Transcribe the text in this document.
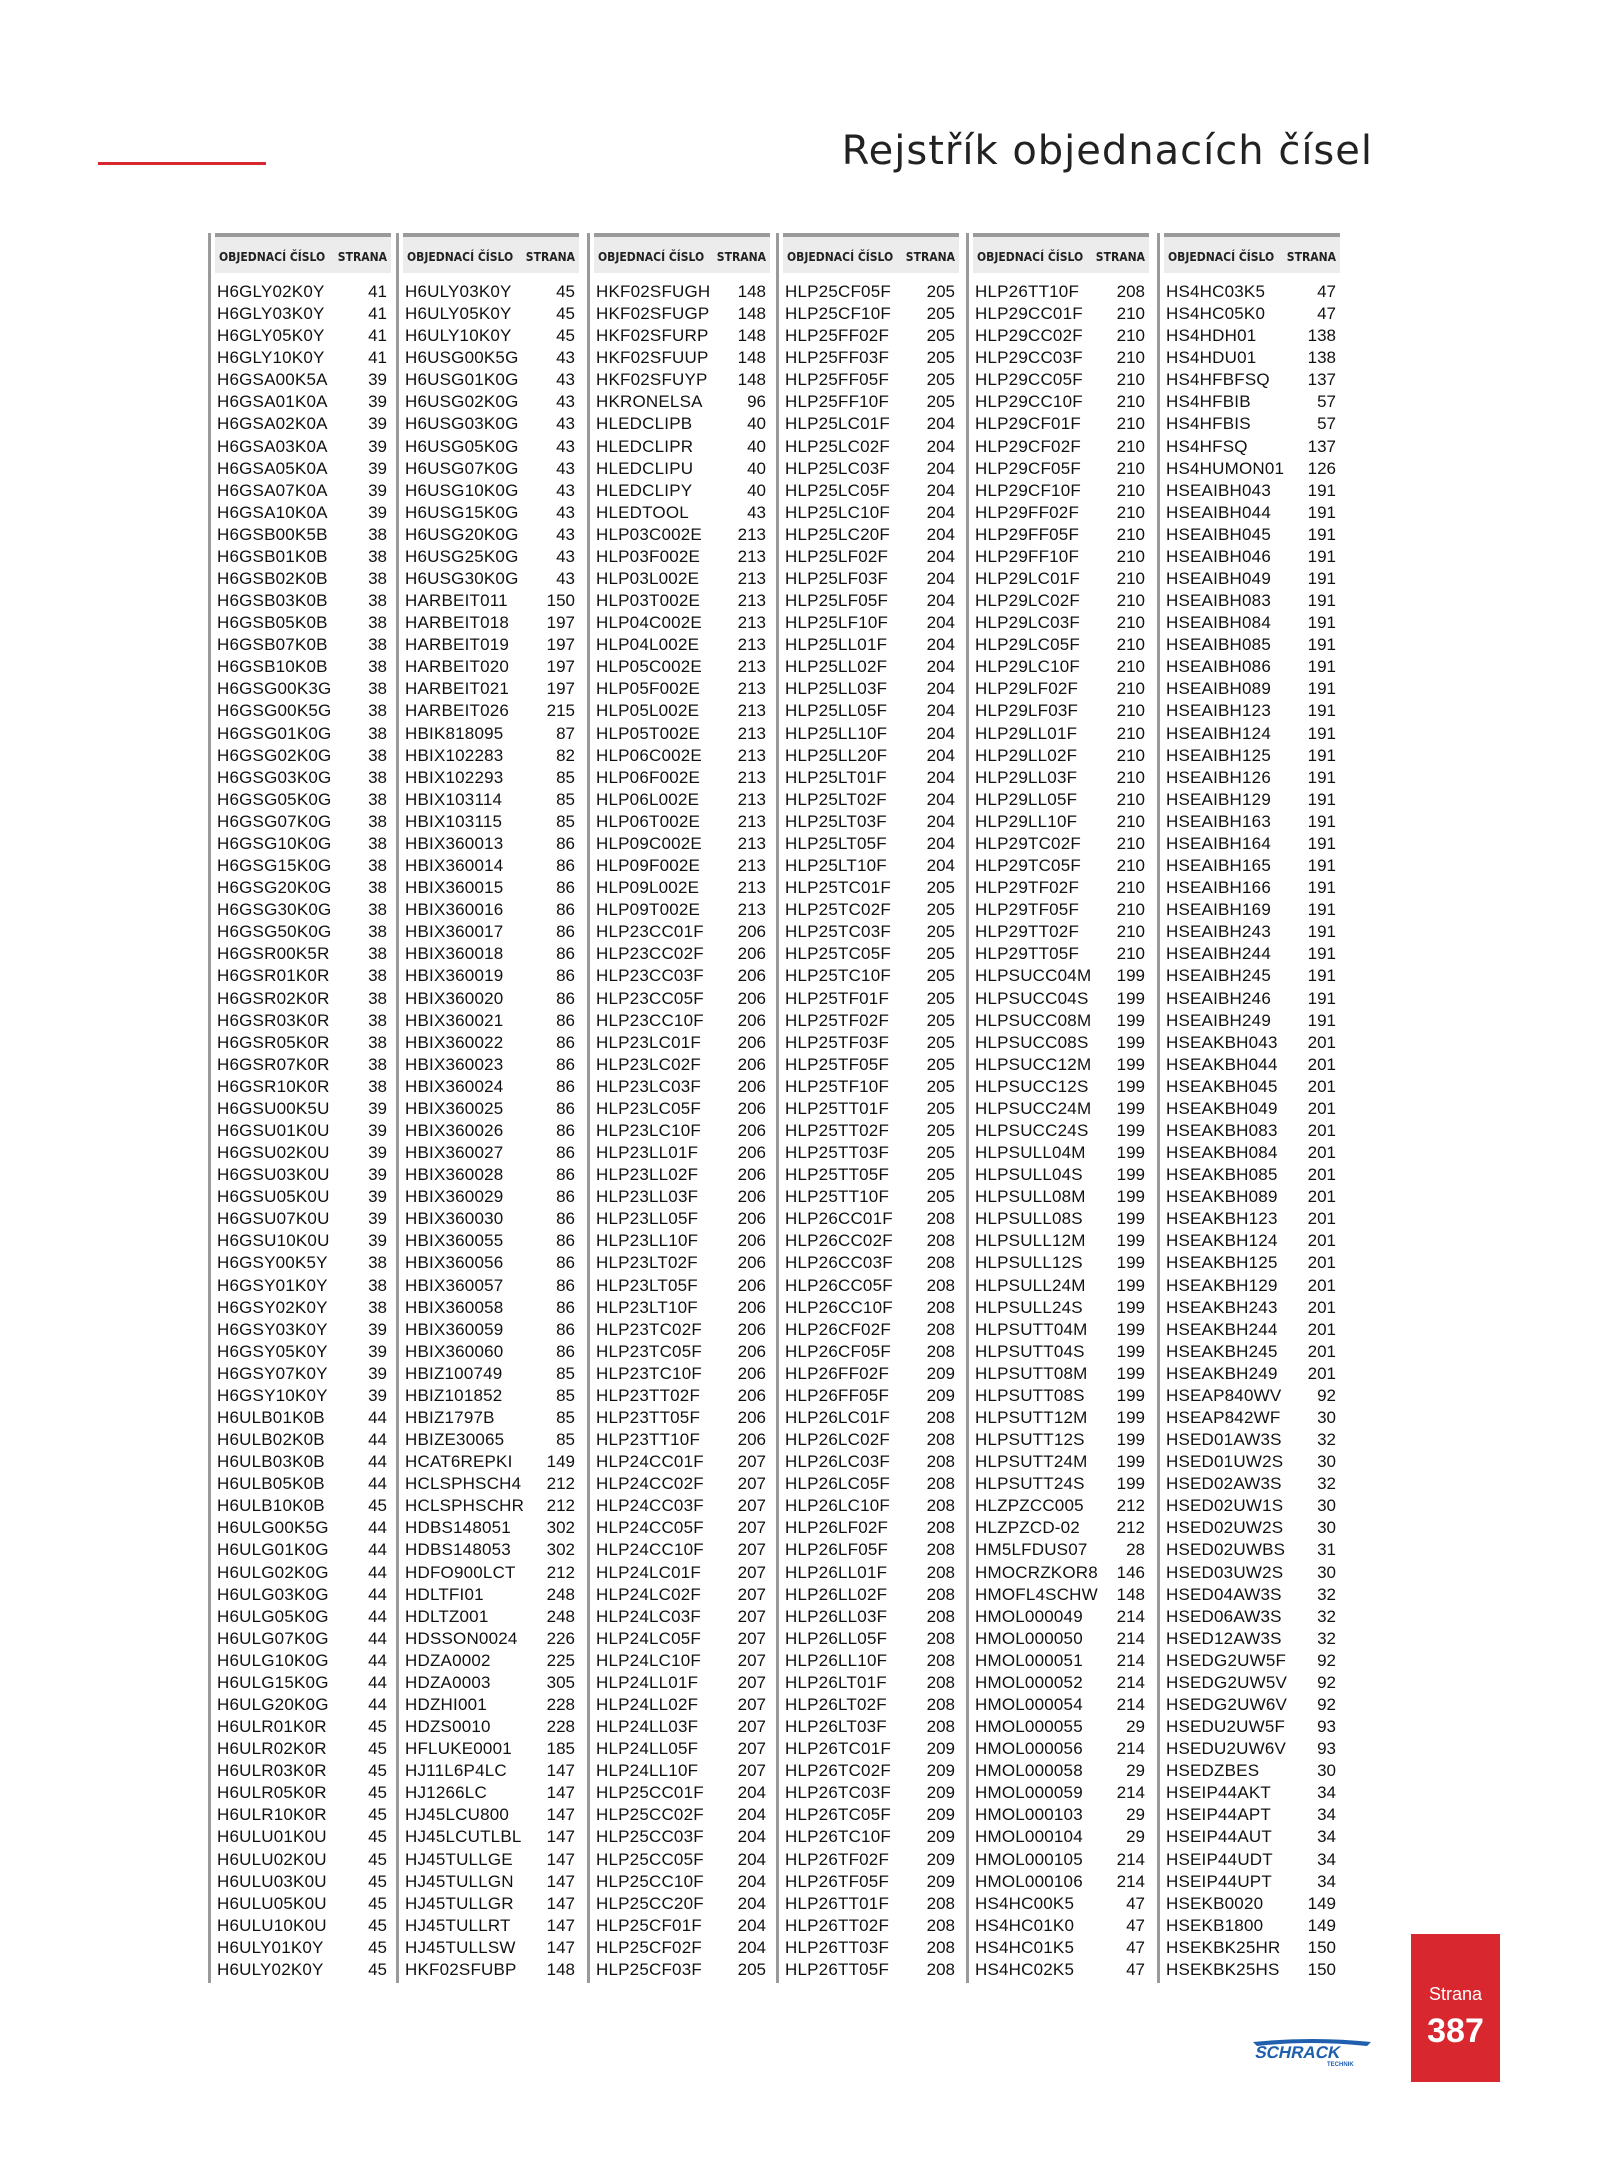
Rejstřík objednacích čísel
OBJEDNACÍ ČÍSLO STRANA
H6GLY02K0Y	41
H6GLY03K0Y	41
H6GLY05K0Y	41
H6GLY10K0Y	41
H6GSA00K5A 39
H6GSA01K0A 39
H6GSA02K0A 39
H6GSA03K0A 39
H6GSA05K0A 39
H6GSA07K0A 39
H6GSA10K0A 39
H6GSB00K5B 38
H6GSB01K0B 38
H6GSB02K0B 38
H6GSB03K0B 38
H6GSB05K0B 38
H6GSB07K0B 38
H6GSB10K0B 38
H6GSG00K3G 38
H6GSG00K5G 38
H6GSG01K0G 38
H6GSG02K0G 38
H6GSG03K0G 38
H6GSG05K0G 38
H6GSG07K0G 38
H6GSG10K0G 38
H6GSG15K0G 38
H6GSG20K0G 38
H6GSG30K0G 38
H6GSG50K0G 38
H6GSR00K5R 38
H6GSR01K0R 38
H6GSR02K0R 38
H6GSR03K0R 38
H6GSR05K0R 38
H6GSR07K0R 38
H6GSR10K0R 38
H6GSU00K5U 39
H6GSU01K0U 39
H6GSU02K0U 39
H6GSU03K0U 39
H6GSU05K0U 39
H6GSU07K0U 39
H6GSU10K0U 39
H6GSY00K5Y 38
H6GSY01K0Y 38
H6GSY02K0Y 38
H6GSY03K0Y 39
H6GSY05K0Y 39
H6GSY07K0Y 39
H6GSY10K0Y 39
H6ULB01K0B	44
H6ULB02K0B	44
H6ULB03K0B	44
H6ULB05K0B	44
H6ULB10K0B	45
H6ULG00K5G 44
H6ULG01K0G 44
H6ULG02K0G 44
H6ULG03K0G 44
H6ULG05K0G 44
H6ULG07K0G 44
H6ULG10K0G 44
H6ULG15K0G 44
H6ULG20K0G 44
H6ULR01K0R 45
H6ULR02K0R 45
H6ULR03K0R 45
H6ULR05K0R 45
H6ULR10K0R 45
H6ULU01K0U 45
H6ULU02K0U 45
H6ULU03K0U 45
H6ULU05K0U 45
H6ULU10K0U 45
H6ULY01K0Y	45
H6ULY02K0Y	45
OBJEDNACÍ ČÍSLO STRANA
H6ULY03K0Y	45
H6ULY05K0Y	45
H6ULY10K0Y	45
H6USG00K5G 43
H6USG01K0G 43
H6USG02K0G 43
H6USG03K0G 43
H6USG05K0G 43
H6USG07K0G 43
H6USG10K0G 43
H6USG15K0G 43
H6USG20K0G 43
H6USG25K0G 43
H6USG30K0G 43
HARBEIT011 150
HARBEIT018 197
HARBEIT019 197
HARBEIT020 197
HARBEIT021 197
HARBEIT026 215
HBIK818095	87
HBIX102283	82
HBIX102293	85
HBIX103114	85
HBIX103115	85
HBIX360013	86
HBIX360014	86
HBIX360015	86
HBIX360016	86
HBIX360017	86
HBIX360018	86
HBIX360019	86
HBIX360020	86
HBIX360021	86
HBIX360022	86
HBIX360023	86
HBIX360024	86
HBIX360025	86
HBIX360026	86
HBIX360027	86
HBIX360028	86
HBIX360029	86
HBIX360030	86
HBIX360055	86
HBIX360056	86
HBIX360057	86
HBIX360058	86
HBIX360059	86
HBIX360060	86
HBIZ100749	85
HBIZ101852	85
HBIZ1797B	85
HBIZE30065	85
HCAT6REPKI 149
HCLSPHSCH4 212
HCLSPHSCHR 212
HDBS148051 302
HDBS148053 302
HDFO900LCT 212
HDLTFI01	248
HDLTZ001	248
HDSSON0024 226
HDZA0002	225
HDZA0003	305
HDZHI001	228
HDZS0010	228
HFLUKE0001 185
HJ11L6P4LC 147
HJ1266LC	147
HJ45LCU800 147
HJ45LCUTLBL 147
HJ45TULLGE 147
HJ45TULLGN 147
HJ45TULLGR 147
HJ45TULLRT 147
HJ45TULLSW 147
HKF02SFUBP 148
OBJEDNACÍ ČÍSLO STRANA
HKF02SFUGH 148
HKF02SFUGP 148
HKF02SFURP 148
HKF02SFUUP 148
HKF02SFUYP 148
HKRONELSA	96
HLEDCLIPB	40
HLEDCLIPR	40
HLEDCLIPU	40
HLEDCLIPY	40
HLEDTOOL	43
HLP03C002E 213
HLP03F002E 213
HLP03L002E 213
HLP03T002E 213
HLP04C002E 213
HLP04L002E 213
HLP05C002E 213
HLP05F002E 213
HLP05L002E 213
HLP05T002E 213
HLP06C002E 213
HLP06F002E 213
HLP06L002E 213
HLP06T002E 213
HLP09C002E 213
HLP09F002E 213
HLP09L002E 213
HLP09T002E 213
HLP23CC01F 206
HLP23CC02F 206
HLP23CC03F 206
HLP23CC05F 206
HLP23CC10F 206
HLP23LC01F 206
HLP23LC02F 206
HLP23LC03F 206
HLP23LC05F 206
HLP23LC10F 206
HLP23LL01F 206
HLP23LL02F 206
HLP23LL03F 206
HLP23LL05F 206
HLP23LL10F 206
HLP23LT02F 206
HLP23LT05F 206
HLP23LT10F 206
HLP23TC02F 206
HLP23TC05F 206
HLP23TC10F 206
HLP23TT02F 206
HLP23TT05F 206
HLP23TT10F 206
HLP24CC01F 207
HLP24CC02F 207
HLP24CC03F 207
HLP24CC05F 207
HLP24CC10F 207
HLP24LC01F 207
HLP24LC02F 207
HLP24LC03F 207
HLP24LC05F 207
HLP24LC10F 207
HLP24LL01F 207
HLP24LL02F 207
HLP24LL03F 207
HLP24LL05F 207
HLP24LL10F 207
HLP25CC01F 204
HLP25CC02F 204
HLP25CC03F 204
HLP25CC05F 204
HLP25CC10F 204
HLP25CC20F 204
HLP25CF01F 204
HLP25CF02F 204
HLP25CF03F 205
OBJEDNACÍ ČÍSLO STRANA
HLP25CF05F 205
HLP25CF10F 205
HLP25FF02F 205
HLP25FF03F 205
HLP25FF05F 205
HLP25FF10F 205
HLP25LC01F 204
HLP25LC02F 204
HLP25LC03F 204
HLP25LC05F 204
HLP25LC10F 204
HLP25LC20F 204
HLP25LF02F 204
HLP25LF03F 204
HLP25LF05F 204
HLP25LF10F 204
HLP25LL01F 204
HLP25LL02F 204
HLP25LL03F 204
HLP25LL05F 204
HLP25LL10F 204
HLP25LL20F 204
HLP25LT01F 204
HLP25LT02F 204
HLP25LT03F 204
HLP25LT05F 204
HLP25LT10F 204
HLP25TC01F 205
HLP25TC02F 205
HLP25TC03F 205
HLP25TC05F 205
HLP25TC10F 205
HLP25TF01F 205
HLP25TF02F 205
HLP25TF03F 205
HLP25TF05F 205
HLP25TF10F 205
HLP25TT01F 205
HLP25TT02F 205
HLP25TT03F 205
HLP25TT05F 205
HLP25TT10F 205
HLP26CC01F 208
HLP26CC02F 208
HLP26CC03F 208
HLP26CC05F 208
HLP26CC10F 208
HLP26CF02F 208
HLP26CF05F 208
HLP26FF02F 209
HLP26FF05F 209
HLP26LC01F 208
HLP26LC02F 208
HLP26LC03F 208
HLP26LC05F 208
HLP26LC10F 208
HLP26LF02F 208
HLP26LF05F 208
HLP26LL01F 208
HLP26LL02F 208
HLP26LL03F 208
HLP26LL05F 208
HLP26LL10F 208
HLP26LT01F 208
HLP26LT02F 208
HLP26LT03F 208
HLP26TC01F 209
HLP26TC02F 209
HLP26TC03F 209
HLP26TC05F 209
HLP26TC10F 209
HLP26TF02F 209
HLP26TF05F 209
HLP26TT01F 208
HLP26TT02F 208
HLP26TT03F 208
HLP26TT05F 208
OBJEDNACÍ ČÍSLO STRANA
HLP26TT10F 208
HLP29CC01F 210
HLP29CC02F 210
HLP29CC03F 210
HLP29CC05F 210
HLP29CC10F 210
HLP29CF01F 210
HLP29CF02F 210
HLP29CF05F 210
HLP29CF10F 210
HLP29FF02F 210
HLP29FF05F 210
HLP29FF10F 210
HLP29LC01F 210
HLP29LC02F 210
HLP29LC03F 210
HLP29LC05F 210
HLP29LC10F 210
HLP29LF02F 210
HLP29LF03F 210
HLP29LL01F 210
HLP29LL02F 210
HLP29LL03F 210
HLP29LL05F 210
HLP29LL10F 210
HLP29TC02F 210
HLP29TC05F 210
HLP29TF02F 210
HLP29TF05F 210
HLP29TT02F 210
HLP29TT05F 210
HLPSUCC04M 199
HLPSUCC04S 199
HLPSUCC08M 199
HLPSUCC08S 199
HLPSUCC12M 199
HLPSUCC12S 199
HLPSUCC24M 199
HLPSUCC24S 199
HLPSULL04M 199
HLPSULL04S 199
HLPSULL08M 199
HLPSULL08S 199
HLPSULL12M 199
HLPSULL12S 199
HLPSULL24M 199
HLPSULL24S 199
HLPSUTT04M 199
HLPSUTT04S 199
HLPSUTT08M 199
HLPSUTT08S 199
HLPSUTT12M 199
HLPSUTT12S 199
HLPSUTT24M 199
HLPSUTT24S 199
HLZPZCC005 212
HLZPZCD-02 212
HM5LFDUS07 28
HMOCRZKOR8 146
HMOFL4SCHW 148
HMOL000049 214
HMOL000050 214
HMOL000051 214
HMOL000052 214
HMOL000054 214
HMOL000055	29
HMOL000056 214
HMOL000058	29
HMOL000059 214
HMOL000103	29
HMOL000104	29
HMOL000105 214
HMOL000106 214
HS4HC00K5	47
HS4HC01K0	47
HS4HC01K5	47
HS4HC02K5	47
OBJEDNACÍ ČÍSLO STRANA
HS4HC03K5	47
HS4HC05K0	47
HS4HDH01	138
HS4HDU01	138
HS4HFBFSQ 137
HS4HFBIB	57
HS4HFBIS	57
HS4HFSQ	137
HS4HUMON01 126
HSEAIBH043 191
HSEAIBH044 191
HSEAIBH045 191
HSEAIBH046 191
HSEAIBH049 191
HSEAIBH083 191
HSEAIBH084 191
HSEAIBH085 191
HSEAIBH086 191
HSEAIBH089 191
HSEAIBH123 191
HSEAIBH124 191
HSEAIBH125 191
HSEAIBH126 191
HSEAIBH129 191
HSEAIBH163 191
HSEAIBH164 191
HSEAIBH165 191
HSEAIBH166 191
HSEAIBH169 191
HSEAIBH243 191
HSEAIBH244 191
HSEAIBH245 191
HSEAIBH246 191
HSEAIBH249 191
HSEAKBH043 201
HSEAKBH044 201
HSEAKBH045 201
HSEAKBH049 201
HSEAKBH083 201
HSEAKBH084 201
HSEAKBH085 201
HSEAKBH089 201
HSEAKBH123 201
HSEAKBH124 201
HSEAKBH125 201
HSEAKBH129 201
HSEAKBH243 201
HSEAKBH244 201
HSEAKBH245 201
HSEAKBH249 201
HSEAP840WV 92
HSEAP842WF 30
HSED01AW3S 32
HSED01UW2S 30
HSED02AW3S 32
HSED02UW1S 30
HSED02UW2S 30
HSED02UWBS 31
HSED03UW2S 30
HSED04AW3S 32
HSED06AW3S 32
HSED12AW3S 32
HSEDG2UW5F 92
HSEDG2UW5V 92
HSEDG2UW6V 92
HSEDU2UW5F 93
HSEDU2UW6V 93
HSEDZBES	30
HSEIP44AKT	34
HSEIP44APT	34
HSEIP44AUT	34
HSEIP44UDT	34
HSEIP44UPT	34
HSEKB0020	149
HSEKB1800	149
HSEKBK25HR 150
HSEKBK25HS 150
Strana
387
SCHRACK
TECHNIK
